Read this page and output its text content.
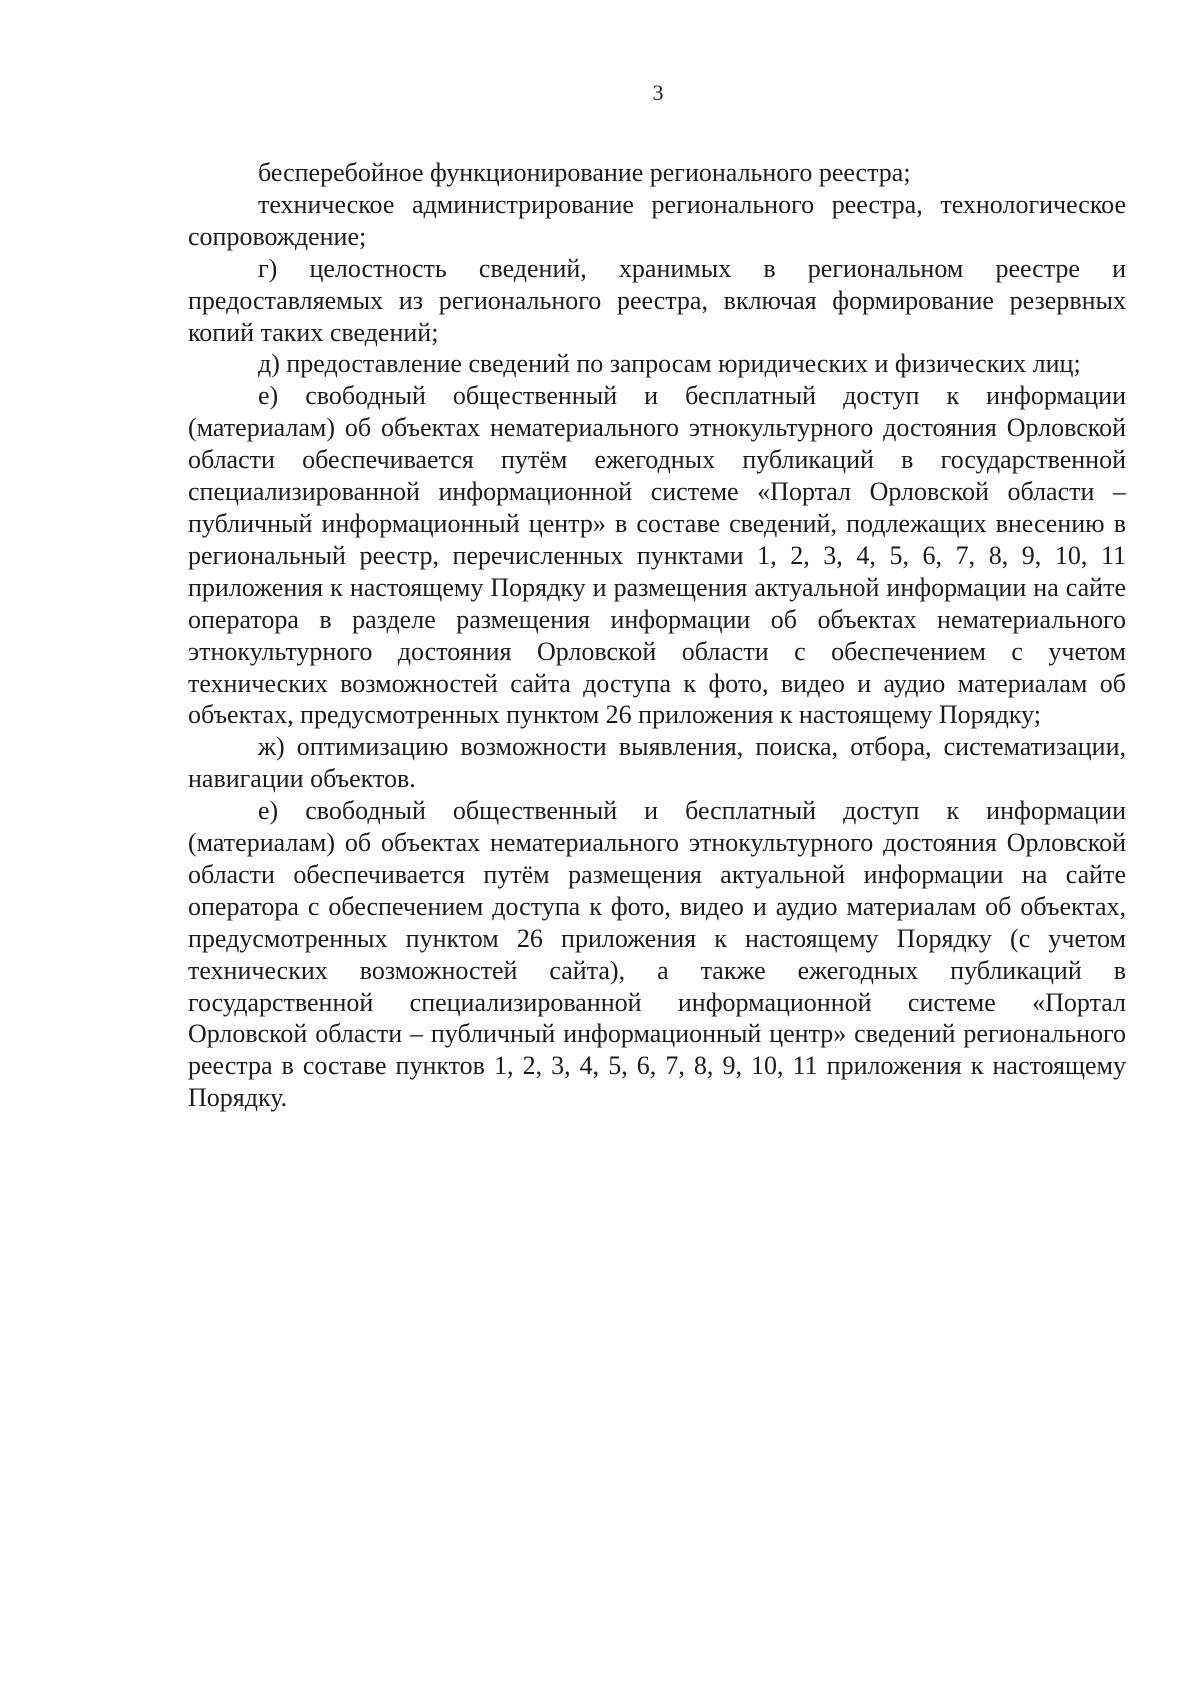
3

бесперебойное функционирование регионального реестра;

техническое администрирование регионального реестра, технологическое сопровождение;

г) целостность сведений, хранимых в региональном реестре и предоставляемых из регионального реестра, включая формирование резервных копий таких сведений;

д) предоставление сведений по запросам юридических и физических лиц;

е) свободный общественный и бесплатный доступ к информации (материалам) об объектах нематериального этнокультурного достояния Орловской области обеспечивается путём ежегодных публикаций в государственной специализированной информационной системе «Портал Орловской области – публичный информационный центр» в составе сведений, подлежащих внесению в региональный реестр, перечисленных пунктами 1, 2, 3, 4, 5, 6, 7, 8, 9, 10, 11 приложения к настоящему Порядку и размещения актуальной информации на сайте оператора в разделе размещения информации об объектах нематериального этнокультурного достояния Орловской области с обеспечением с учетом технических возможностей сайта доступа к фото, видео и аудио материалам об объектах, предусмотренных пунктом 26 приложения к настоящему Порядку;

ж) оптимизацию возможности выявления, поиска, отбора, систематизации, навигации объектов.

е) свободный общественный и бесплатный доступ к информации (материалам) об объектах нематериального этнокультурного достояния Орловской области обеспечивается путём размещения актуальной информации на сайте оператора с обеспечением доступа к фото, видео и аудио материалам об объектах, предусмотренных пунктом 26 приложения к настоящему Порядку (с учетом технических возможностей сайта), а также ежегодных публикаций в государственной специализированной информационной системе «Портал Орловской области – публичный информационный центр» сведений регионального реестра в составе пунктов 1, 2, 3, 4, 5, 6, 7, 8, 9, 10, 11 приложения к настоящему Порядку.
